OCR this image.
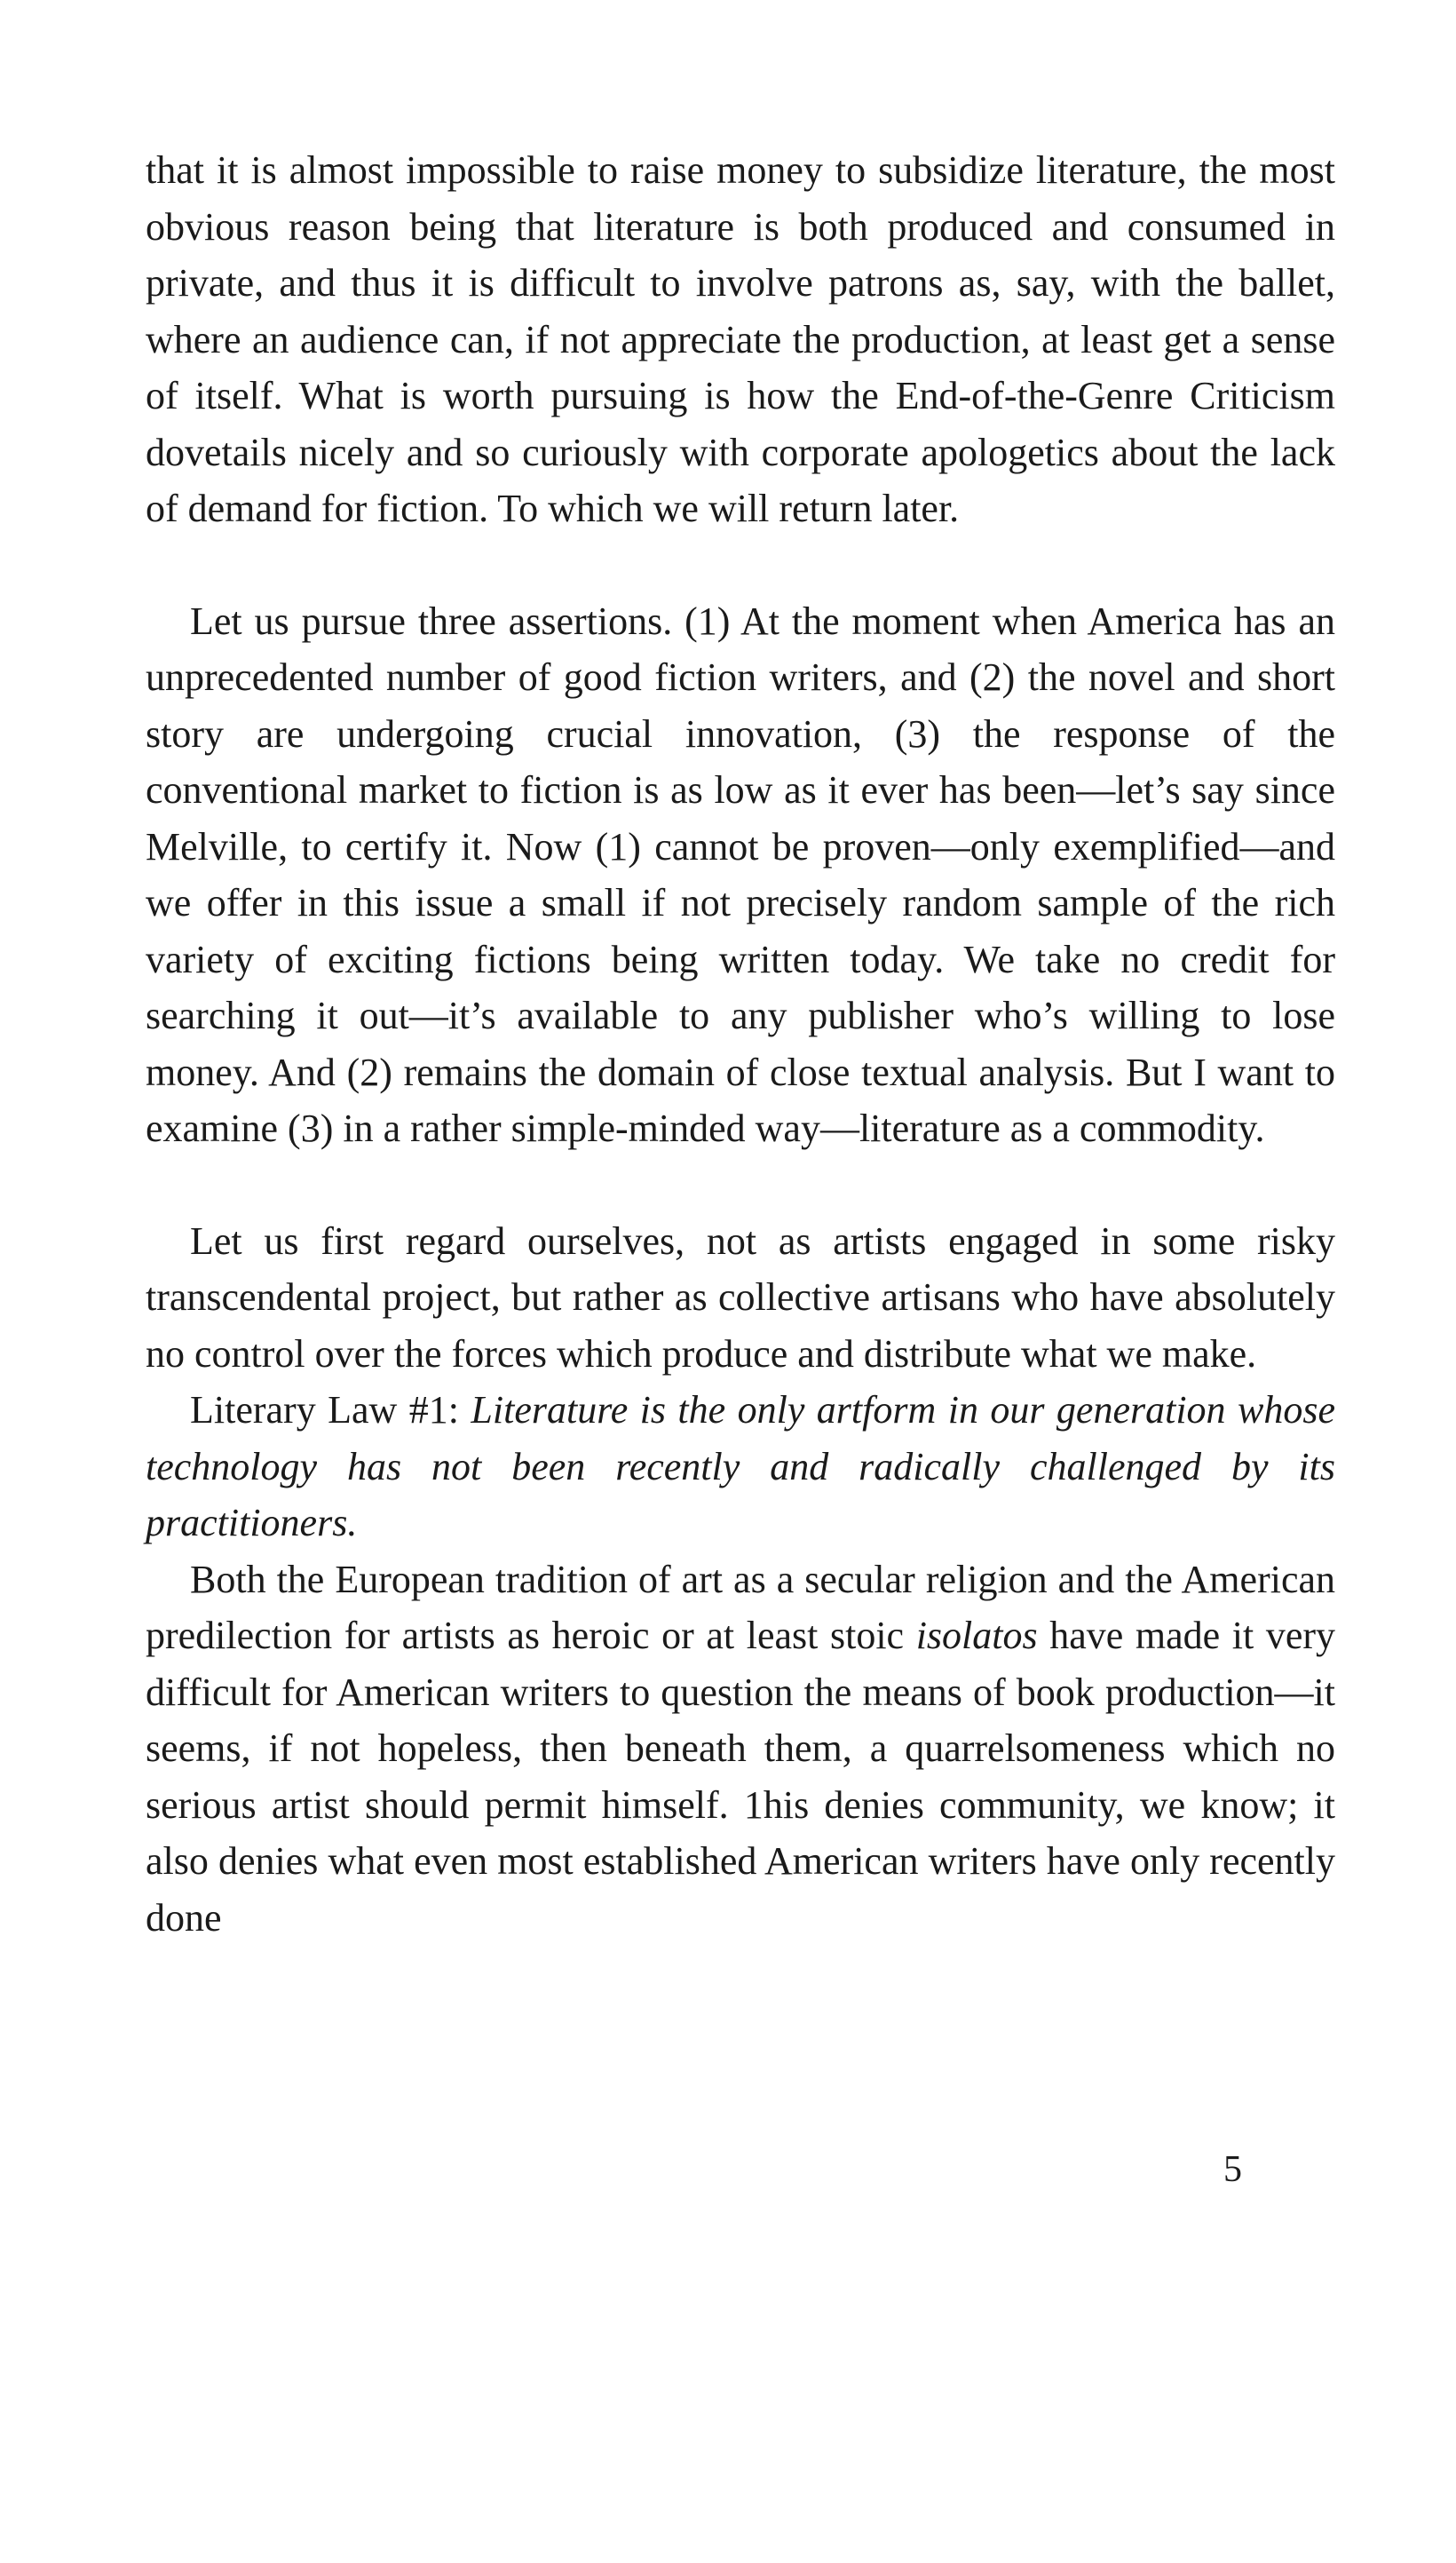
that it is almost impossible to raise money to subsidize literature, the most obvious reason being that literature is both produced and consumed in private, and thus it is difficult to involve patrons as, say, with the ballet, where an audience can, if not appreciate the production, at least get a sense of itself. What is worth pursuing is how the End-of-the-Genre Criticism dovetails nicely and so curiously with corporate apologetics about the lack of demand for fiction. To which we will return later.

Let us pursue three assertions. (1) At the moment when America has an unprecedented number of good fiction writers, and (2) the novel and short story are undergoing crucial innovation, (3) the response of the conventional market to fiction is as low as it ever has been—let’s say since Melville, to certify it. Now (1) cannot be proven—only exemplified—and we offer in this issue a small if not precisely random sample of the rich variety of exciting fictions being written today. We take no credit for searching it out—it’s available to any publisher who’s willing to lose money. And (2) remains the domain of close textual analysis. But I want to examine (3) in a rather simple-minded way—literature as a commodity.

Let us first regard ourselves, not as artists engaged in some risky transcendental project, but rather as collective artisans who have absolutely no control over the forces which produce and distribute what we make.

Literary Law #1: Literature is the only artform in our generation whose technology has not been recently and radically challenged by its practitioners.

Both the European tradition of art as a secular religion and the American predilection for artists as heroic or at least stoic isolatos have made it very difficult for American writers to question the means of book production—it seems, if not hopeless, then beneath them, a quarrelsomeness which no serious artist should permit himself. 1his denies community, we know; it also denies what even most established American writers have only recently done

5
